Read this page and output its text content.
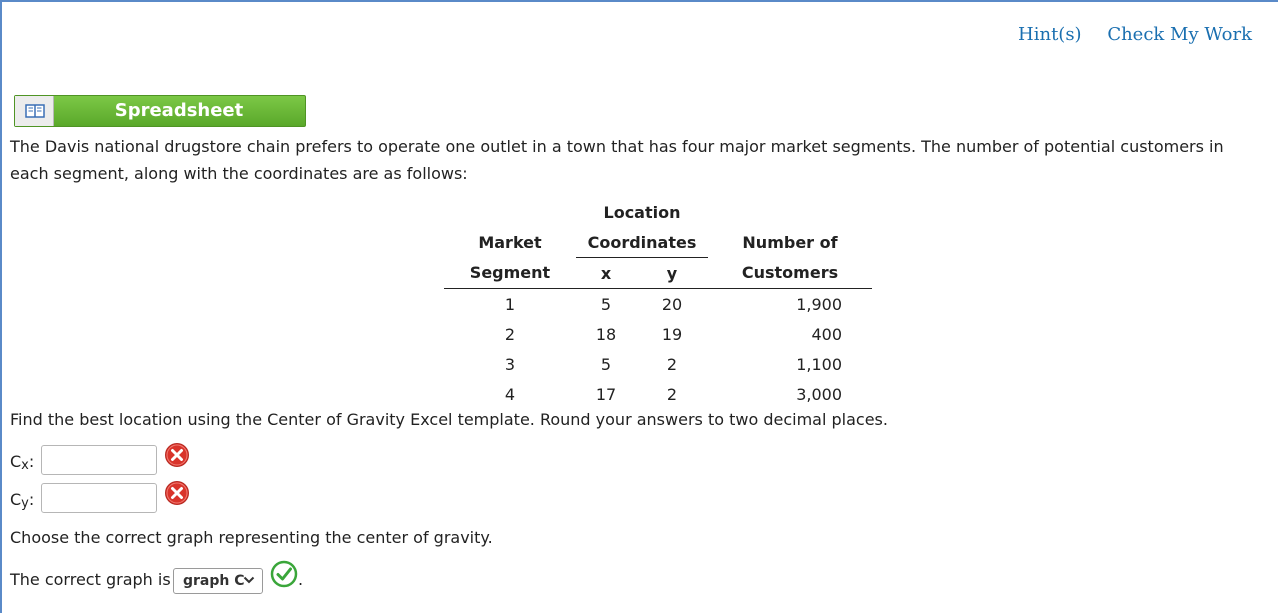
Hint(s) Check My Work
Spreadsheet
The Davis national drugstore chain prefers to operate one outlet in a town that has four major market segments. The number of potential customers in each segment, along with the coordinates are as follows:
	Location		
Market	Coordinates		Number of
Segment	x	y	Customers
1	5	20	1,900
2	18	19	400
3	5	2	1,100
4	17	2	3,000
Find the best location using the Center of Gravity Excel template. Round your answers to two decimal places.
$C_x$:
$C_y$:
Choose the correct graph representing the center of gravity.
The correct graph is graph C	.
